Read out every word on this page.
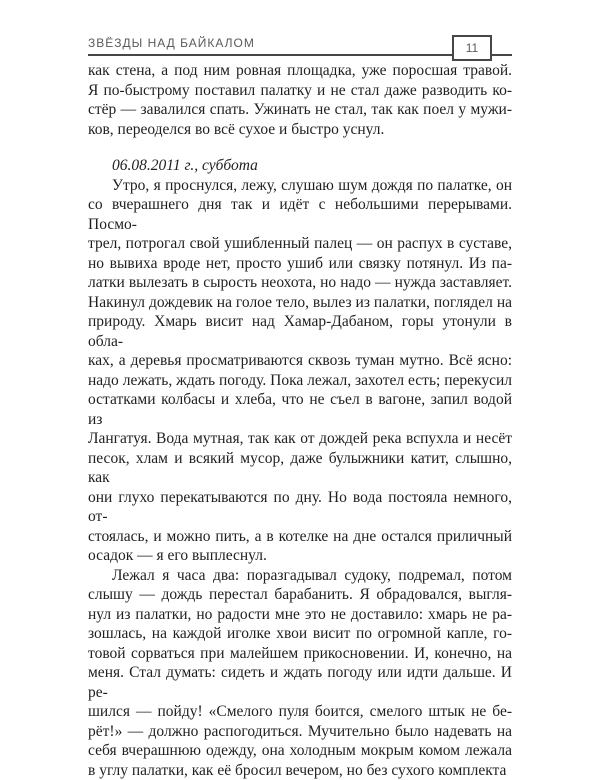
ЗВЁЗДЫ НАД БАЙКАЛОМ	11
как стена, а под ним ровная площадка, уже поросшая травой.
Я по-быстрому поставил палатку и не стал даже разводить ко-
стёр — завалился спать. Ужинать не стал, так как поел у мужи-
ков, переоделся во всё сухое и быстро уснул.
06.08.2011 г., суббота
Утро, я проснулся, лежу, слушаю шум дождя по палатке, он
со вчерашнего дня так и идёт с небольшими перерывами. Посмо-
трел, потрогал свой ушибленный палец — он распух в суставе,
но вывиха вроде нет, просто ушиб или связку потянул. Из па-
латки вылезать в сырость неохота, но надо — нужда заставляет.
Накинул дождевик на голое тело, вылез из палатки, поглядел на
природу. Хмарь висит над Хамар-Дабаном, горы утонули в обла-
ках, а деревья просматриваются сквозь туман мутно. Всё ясно:
надо лежать, ждать погоду. Пока лежал, захотел есть; перекусил
остатками колбасы и хлеба, что не съел в вагоне, запил водой из
Лангатуя. Вода мутная, так как от дождей река вспухла и несёт
песок, хлам и всякий мусор, даже булыжники катит, слышно, как
они глухо перекатываются по дну. Но вода постояла немного, от-
стоялась, и можно пить, а в котелке на дне остался приличный
осадок — я его выплеснул.
Лежал я часа два: поразгадывал судоку, подремал, потом
слышу — дождь перестал барабанить. Я обрадовался, выгля-
нул из палатки, но радости мне это не доставило: хмарь не ра-
зошлась, на каждой иголке хвои висит по огромной капле, го-
товой сорваться при малейшем прикосновении. И, конечно, на
меня. Стал думать: сидеть и ждать погоду или идти дальше. И ре-
шился — пойду! «Смелого пуля боится, смелого штык не бе-
рёт!» — должно распогодиться. Мучительно было надевать на
себя вчерашнюю одежду, она холодным мокрым комом лежала
в углу палатки, как её бросил вечером, но без сухого комплекта
